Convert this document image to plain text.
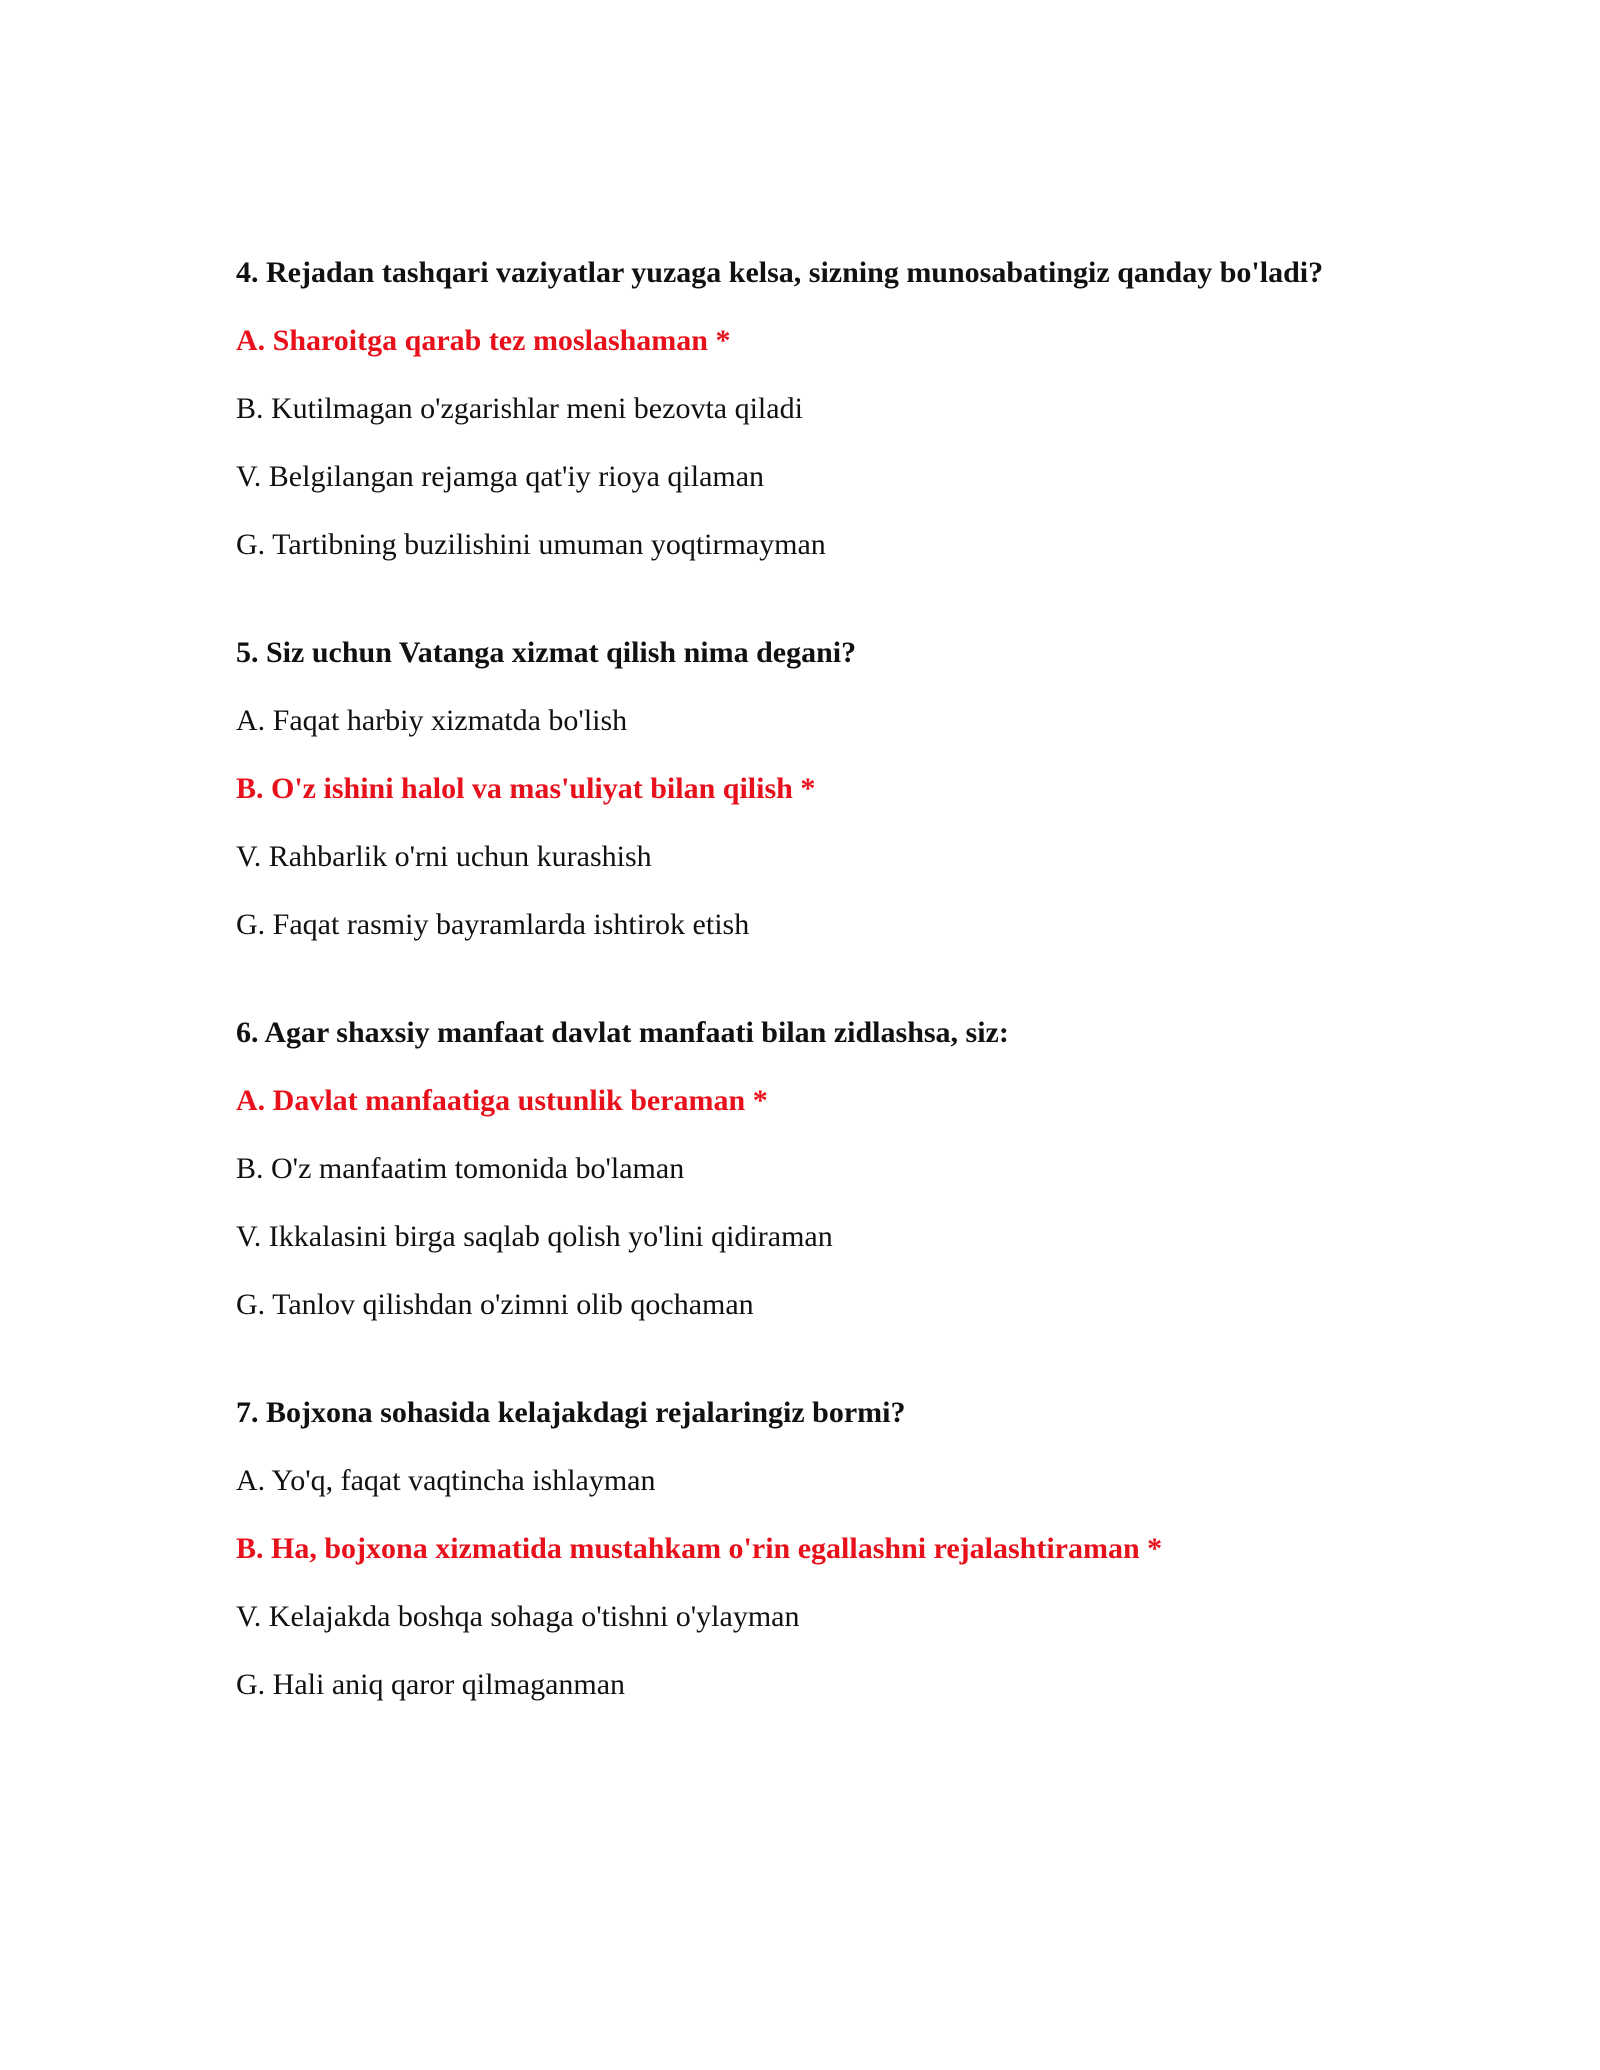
4. Rejadan tashqari vaziyatlar yuzaga kelsa, sizning munosabatingiz qanday bo'ladi?
A. Sharoitga qarab tez moslashaman *
B. Kutilmagan o'zgarishlar meni bezovta qiladi
V. Belgilangan rejamga qat'iy rioya qilaman
G. Tartibning buzilishini umuman yoqtirmayman
5. Siz uchun Vatanga xizmat qilish nima degani?
A. Faqat harbiy xizmatda bo'lish
B. O'z ishini halol va mas'uliyat bilan qilish *
V. Rahbarlik o'rni uchun kurashish
G. Faqat rasmiy bayramlarda ishtirok etish
6. Agar shaxsiy manfaat davlat manfaati bilan zidlashsa, siz:
A. Davlat manfaatiga ustunlik beraman *
B. O'z manfaatim tomonida bo'laman
V. Ikkalasini birga saqlab qolish yo'lini qidiraman
G. Tanlov qilishdan o'zimni olib qochaman
7. Bojxona sohasida kelajakdagi rejalaringiz bormi?
A. Yo'q, faqat vaqtincha ishlayman
B. Ha, bojxona xizmatida mustahkam o'rin egallashni rejalashtiraman *
V. Kelajakda boshqa sohaga o'tishni o'ylayman
G. Hali aniq qaror qilmaganman
